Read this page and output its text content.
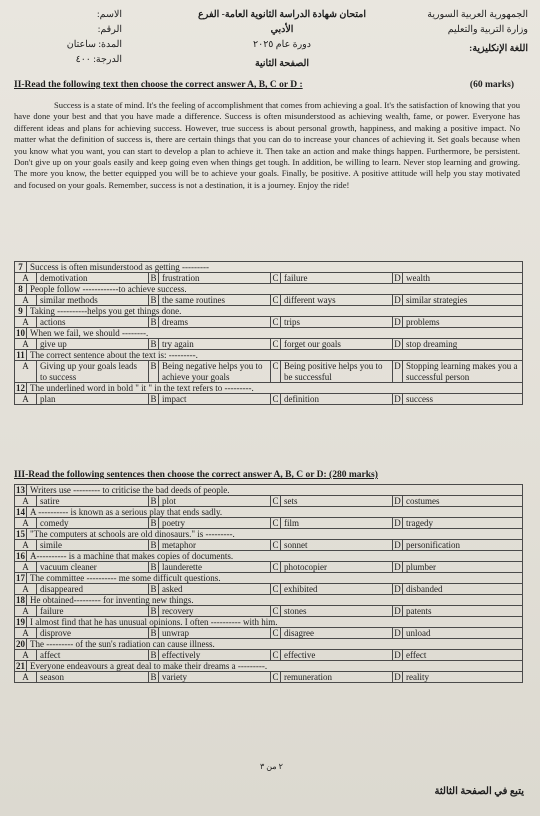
الجمهورية العربية السورية
وزارة التربية والتعليم
اللغة الإنكليزية:
امتحان شهادة الدراسة الثانوية العامة- الفرع الأدبي
دورة عام ٢٠٢٥
الصفحة الثانية
الاسم:
الرقم:
المدة: ساعتان
الدرجة: ٤٠٠
II-Read the following text then choose the correct answer A, B, C or D :	(60 marks)
Success is a state of mind. It's the feeling of accomplishment that comes from achieving a goal. It's the satisfaction of knowing that you have done your best and that you have made a difference. Success is often misunderstood as achieving wealth, fame, or power. Everyone has different ideas and plans for achieving success. However, true success is about personal growth, happiness, and making a positive impact. No matter what the definition of success is, there are certain things that you can do to increase your chances of achieving it. Set goals because when you know what you want, you can start to develop a plan to achieve it. Then take an action and make things happen. Furthermore, be persistent. Don't give up on your goals easily and keep going even when things get tough. In addition, be willing to learn. Never stop learning and growing. The more you know, the better equipped you will be to achieve your goals. Finally, be positive. A positive attitude will help you stay motivated and focused on your goals. Remember, success is not a destination, it is a journey. Enjoy the ride!
7	Success is often misunderstood as getting ---------							
A		demotivation	B	frustration	C	failure	D	wealth
8	People follow ------------to achieve success.							
A		similar methods	B	the same routines	C	different ways	D	similar strategies
9	Taking ----------helps you get things done.							
A		actions	B	dreams	C	trips	D	problems
10	When we fail, we should --------.							
A		give up	B	try again	C	forget our goals	D	stop dreaming
11	The correct sentence about the text is: ---------.							
A		Giving up your goals leads to success	B	Being negative helps you to achieve your goals	C	Being positive helps you to be successful	D	Stopping learning makes you a successful person
12	The underlined word in bold " it " in the text refers to ---------.							
A		plan	B	impact	C	definition	D	success
III-Read the following sentences then choose the correct answer A, B, C or D: (280 marks)
13	Writers use --------- to criticise the bad deeds of people.							
A		satire	B	plot	C	sets	D	costumes
14	A ---------- is known as a serious play that ends sadly.							
A		comedy	B	poetry	C	film	D	tragedy
15	"The computers at schools are old dinosaurs." is ---------.							
A		simile	B	metaphor	C	sonnet	D	personification
16	A---------- is a machine that makes copies of documents.							
A		vacuum cleaner	B	launderette	C	photocopier	D	plumber
17	The committee ---------- me some difficult questions.							
A		disappeared	B	asked	C	exhibited	D	disbanded
18	He obtained--------- for inventing new things.							
A		failure	B	recovery	C	stones	D	patents
19	I almost find that he has unusual opinions. I often ---------- with him.							
A		disprove	B	unwrap	C	disagree	D	unload
20	The --------- of the sun's radiation can cause illness.							
A		affect	B	effectively	C	effective	D	effect
21	Everyone endeavours a great deal to make their dreams a ---------.							
A		season	B	variety	C	remuneration	D	reality
٢ من ٣
يتبع في الصفحة الثالثة
